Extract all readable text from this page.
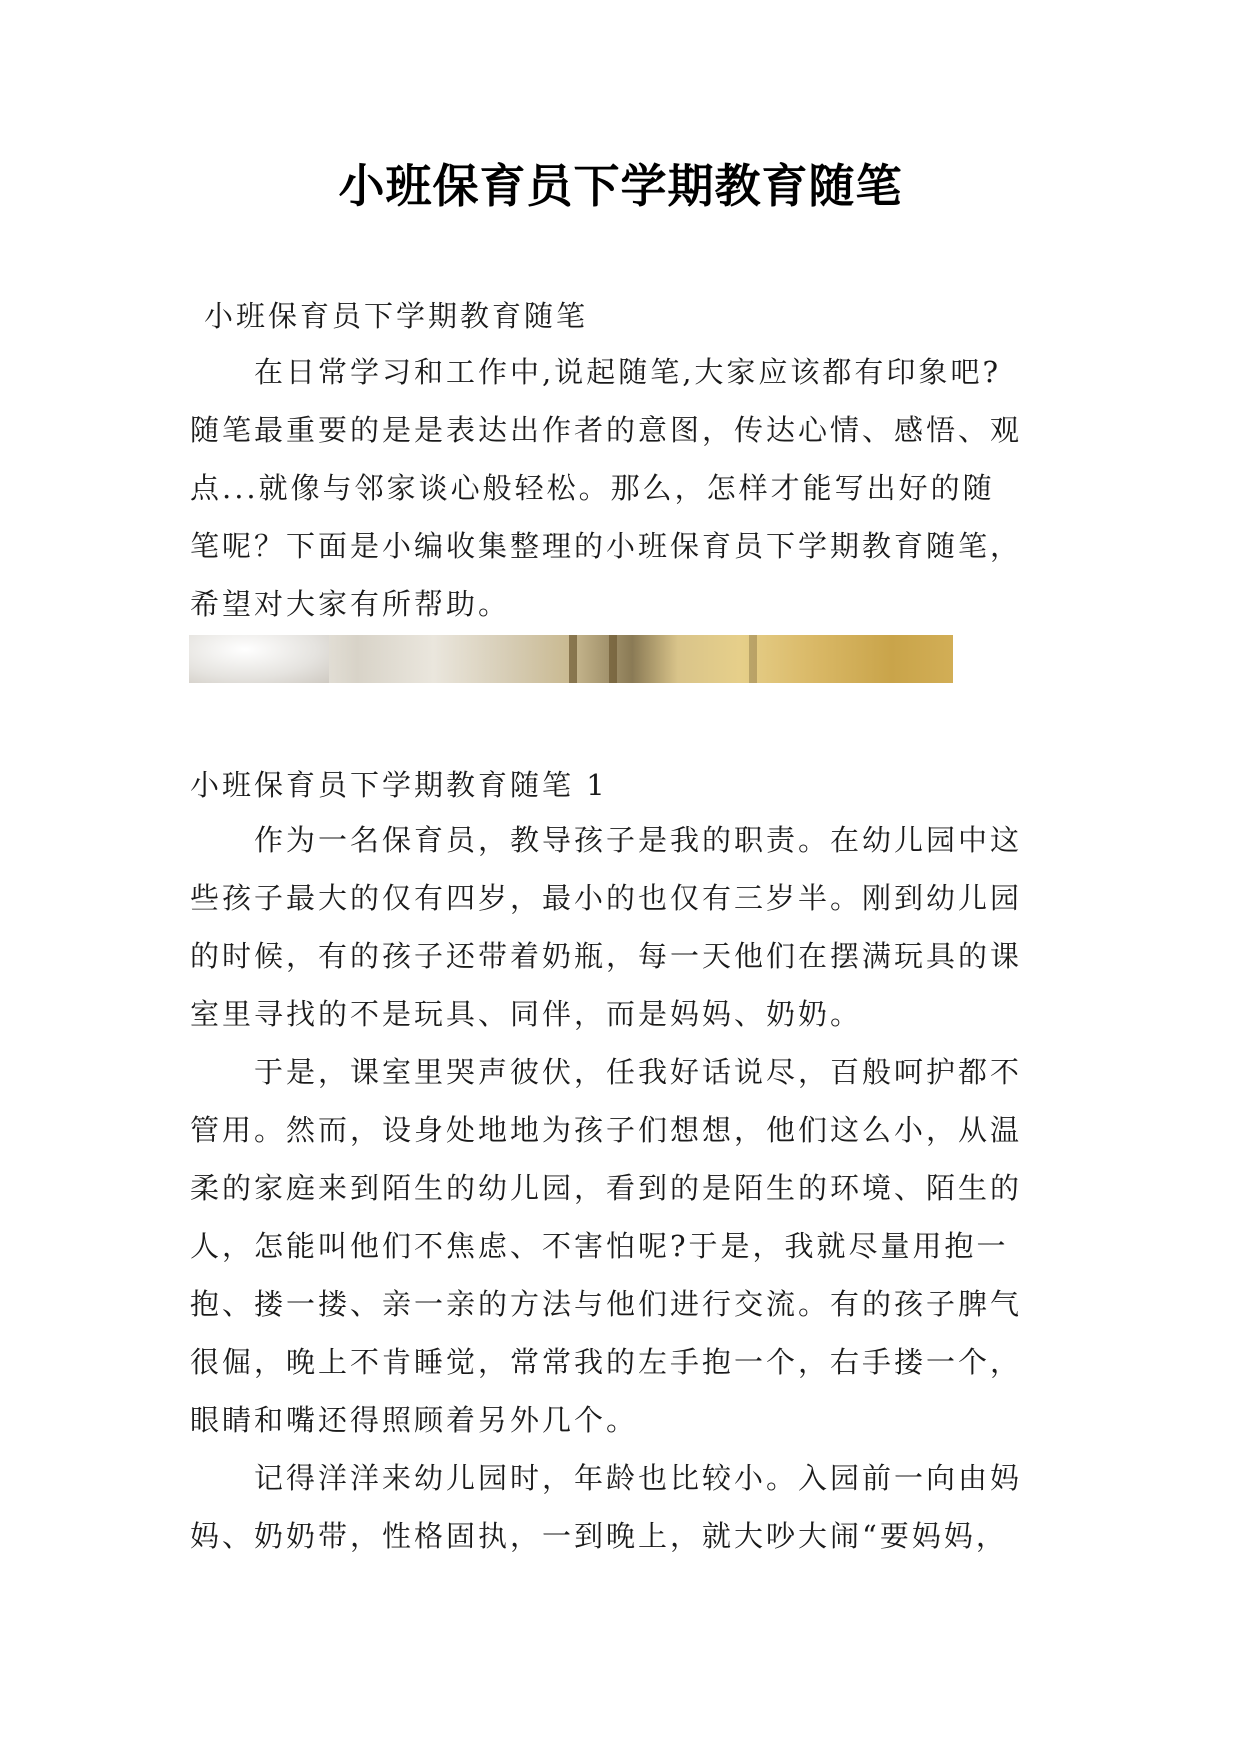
小班保育员下学期教育随笔

小班保育员下学期教育随笔

在日常学习和工作中,说起随笔,大家应该都有印象吧?

随笔最重要的是是表达出作者的意图，传达心情、感悟、观

点...就像与邻家谈心般轻松。那么，怎样才能写出好的随

笔呢？下面是小编收集整理的小班保育员下学期教育随笔，

希望对大家有所帮助。

小班保育员下学期教育随笔 1

作为一名保育员，教导孩子是我的职责。在幼儿园中这

些孩子最大的仅有四岁，最小的也仅有三岁半。刚到幼儿园

的时候，有的孩子还带着奶瓶，每一天他们在摆满玩具的课

室里寻找的不是玩具、同伴，而是妈妈、奶奶。

于是，课室里哭声彼伏，任我好话说尽，百般呵护都不

管用。然而，设身处地地为孩子们想想，他们这么小，从温

柔的家庭来到陌生的幼儿园，看到的是陌生的环境、陌生的

人，怎能叫他们不焦虑、不害怕呢?于是，我就尽量用抱一

抱、搂一搂、亲一亲的方法与他们进行交流。有的孩子脾气

很倔，晚上不肯睡觉，常常我的左手抱一个，右手搂一个，

眼睛和嘴还得照顾着另外几个。

记得洋洋来幼儿园时，年龄也比较小。入园前一向由妈

妈、奶奶带，性格固执，一到晚上，就大吵大闹“要妈妈，
